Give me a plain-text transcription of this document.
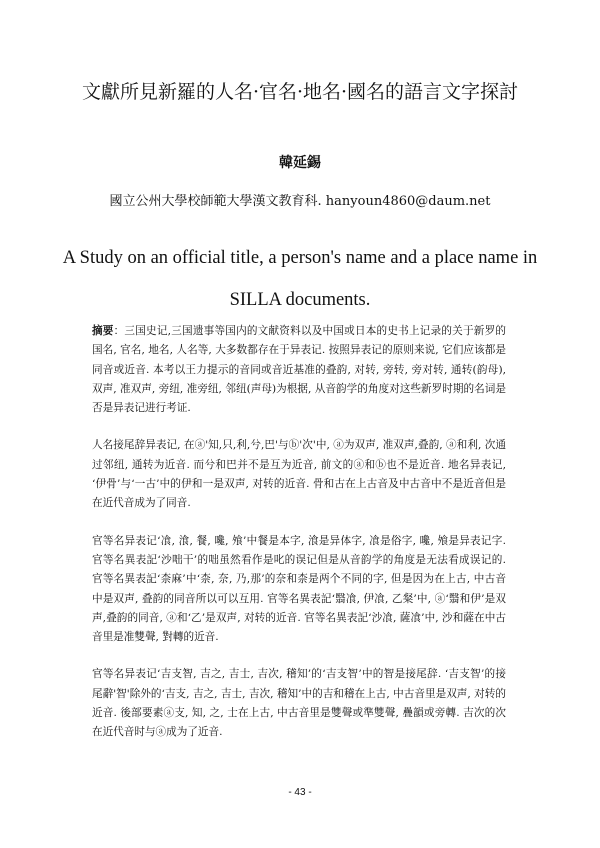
文獻所見新羅的人名·官名·地名·國名的語言文字探討
韓延錫
國立公州大學校師範大學漢文教育科. hanyoun4860@daum.net
A Study on an official title, a person's name and a place name in SILLA documents.

摘要：三国史记,三国遗事等国内的文献资料以及中国或日本的史书上记录的关于新罗的国名, 官名, 地名, 人名等, 大多数都存在于异表记. 按照异表记的原则来说, 它们应该都是同音或近音. 本考以王力提示的音同或音近基准的叠韵, 对转, 旁转, 旁对转, 通转(韵母), 双声, 准双声, 旁纽, 准旁纽, 邻纽(声母)为根据, 从音韵学的角度对这些新罗时期的名词是否是异表记进行考证.

人名接尾辞异表记, 在ⓐ'知,只,利,兮,巴'与ⓑ'次'中, ⓐ为双声, 准双声,叠韵, ⓐ和利, 次通过邻纽, 通转为近音. 而兮和巴并不是互为近音, 前文的ⓐ和ⓑ也不是近音. 地名异表记, ‘伊骨’与‘一古’中的伊和一是双声, 对转的近音. 骨和古在上古音及中古音中不是近音但是在近代音成为了同音.

官等名异表记‘飡, 湌, 餐, 嚵, 飧’中餐是本字, 湌是异体字, 飡是俗字, 嚵, 飧是异表记字. 官等名異表記‘沙咄干’的咄虽然看作是叱的误记但是从音韵学的角度是无法看成误记的. 官等名異表記‘柰麻’中‘柰, 奈, 乃,那’的奈和柰是两个不同的字, 但是因为在上古, 中古音中是双声, 叠韵的同音所以可以互用. 官等名異表記‘翳飡, 伊飡, 乙粲’中, ⓐ‘翳和伊’是双声,叠韵的同音, ⓐ和‘乙’是双声, 对转的近音. 官等名異表記‘沙飡, 薩飡’中, 沙和薩在中古音里是准雙聲, 對轉的近音.

官等名异表记‘吉支智, 吉之, 吉士, 吉次, 稽知’的‘吉支智’中的智是接尾辞. ‘吉支智’的接尾辭'智'除外的‘吉支, 吉之, 吉士, 吉次, 稽知’中的吉和稽在上古, 中古音里是双声, 对转的近音. 後部要素ⓐ支, 知, 之, 士在上古, 中古音里是雙聲或準雙聲, 疊韻或旁轉. 吉次的次在近代音时与ⓐ成为了近音.

- 43 -
